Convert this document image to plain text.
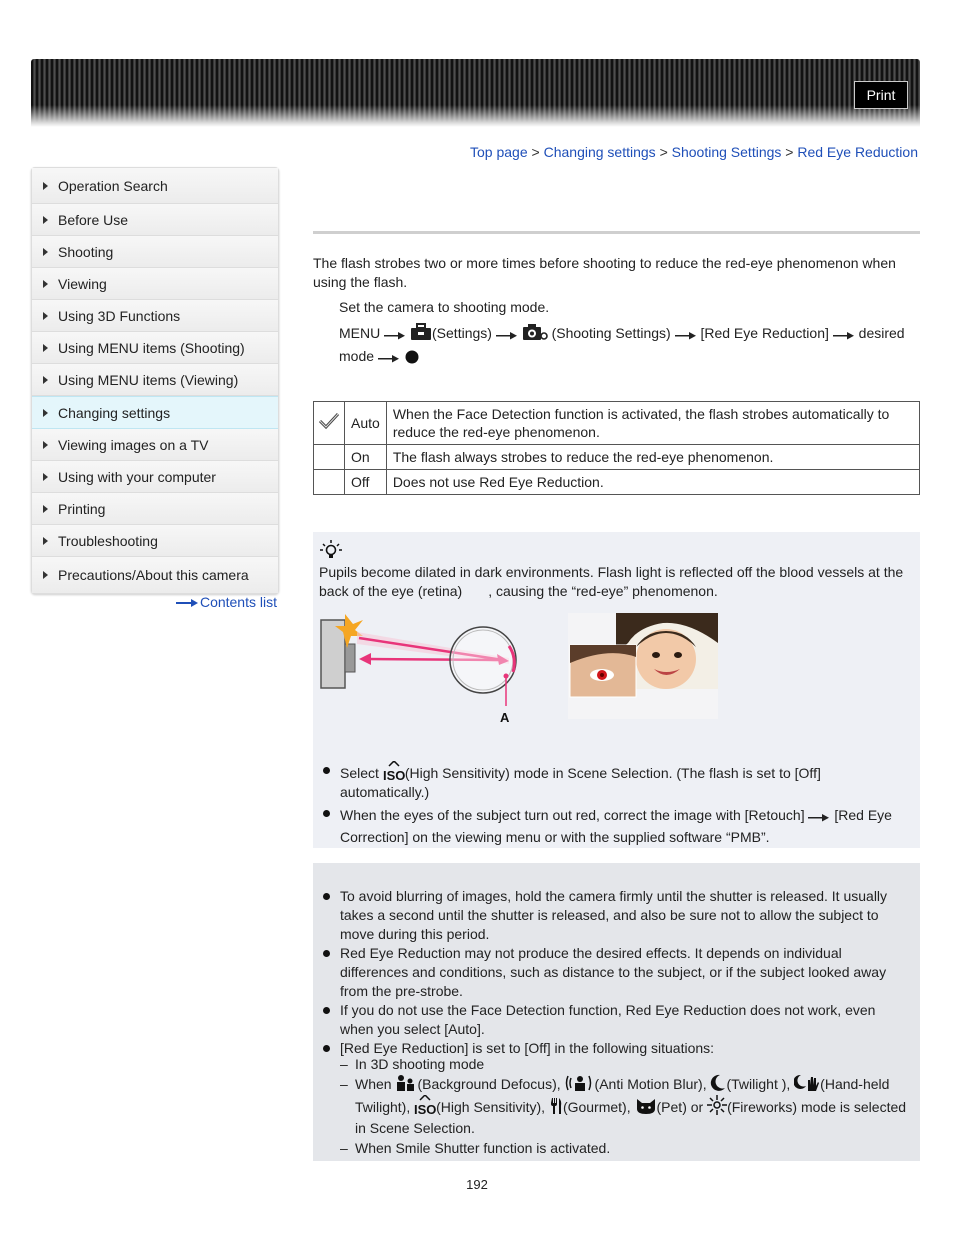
Print
Top page > Changing settings > Shooting Settings > Red Eye Reduction
Operation Search
Before Use
Shooting
Viewing
Using 3D Functions
Using MENU items (Shooting)
Using MENU items (Viewing)
Changing settings
Viewing images on a TV
Using with your computer
Printing
Troubleshooting
Precautions/About this camera
Contents list

The flash strobes two or more times before shooting to reduce the red-eye phenomenon when

using the flash.

Set the camera to shooting mode.
MENU	(Settings)	(Shooting Settings) [Red Eye Reduction] desired
mode
	Auto	When the Face Detection function is activated, the flash strobes automatically to
reduce the red-eye phenomenon.
	On	The flash always strobes to reduce the red-eye phenomenon.
	Off	Does not use Red Eye Reduction.

Pupils become dilated in dark environments. Flash light is reflected off the blood vessels at the

back of the eye (retina) , causing the “red-eye” phenomenon.

A
Select ISO (High Sensitivity) mode in Scene Selection. (The flash is set to [Off]
automatically.)
When the eyes of the subject turn out red, correct the image with [Retouch] [Red Eye
Correction] on the viewing menu or with the supplied software “PMB”.
To avoid blurring of images, hold the camera firmly until the shutter is released. It usually
takes a second until the shutter is released, and also be sure not to allow the subject to
move during this period.
Red Eye Reduction may not produce the desired effects. It depends on individual
differences and conditions, such as distance to the subject, or if the subject looked away
from the pre-strobe.
If you do not use the Face Detection function, Red Eye Reduction does not work, even
when you select [Auto].
[Red Eye Reduction] is set to [Off] in the following situations:
– In 3D shooting mode
– When (Background Defocus), (Anti Motion Blur), (Twilight ), (Hand-held
Twilight), ISO (High Sensitivity), (Gourmet), (Pet) or (Fireworks) mode is selected
in Scene Selection.
– When Smile Shutter function is activated.
192
